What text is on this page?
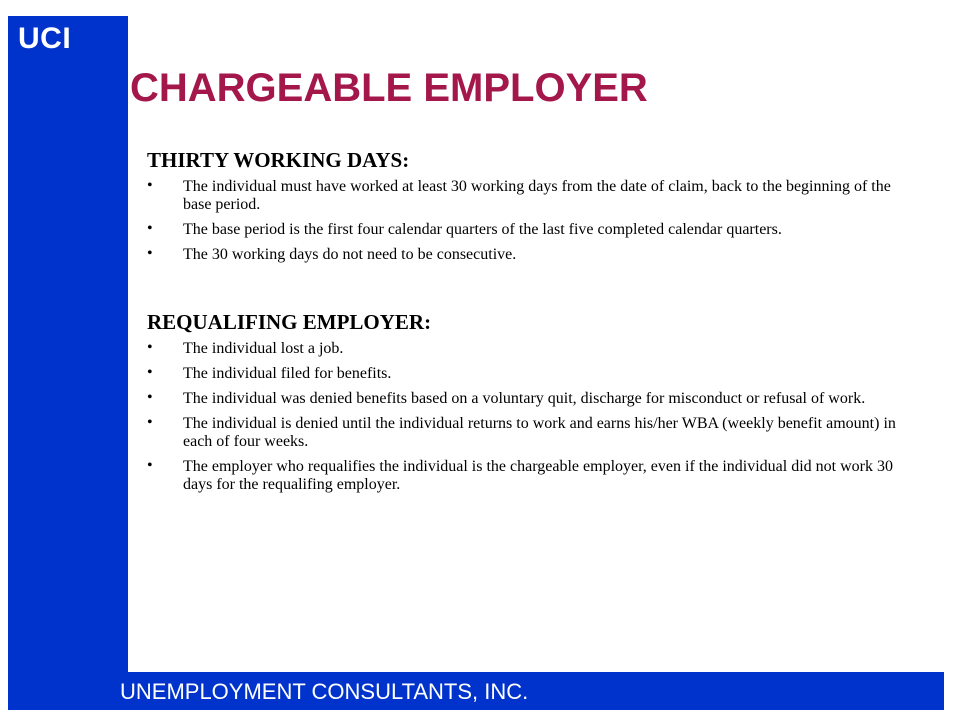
UCI
CHARGEABLE EMPLOYER
THIRTY WORKING DAYS:
• The individual must have worked at least 30 working days from the date of claim, back to the beginning of the base period.
• The base period is the first four calendar quarters of the last five completed calendar quarters.
• The 30 working days do not need to be consecutive.
REQUALIFING EMPLOYER:
• The individual lost a job.
• The individual filed for benefits.
• The individual was denied benefits based on a voluntary quit, discharge for misconduct or refusal of work.
• The individual is denied until the individual returns to work and earns his/her WBA (weekly benefit amount) in each of four weeks.
• The employer who requalifies the individual is the chargeable employer, even if the individual did not work 30 days for the requalifing employer.
UNEMPLOYMENT CONSULTANTS, INC.
